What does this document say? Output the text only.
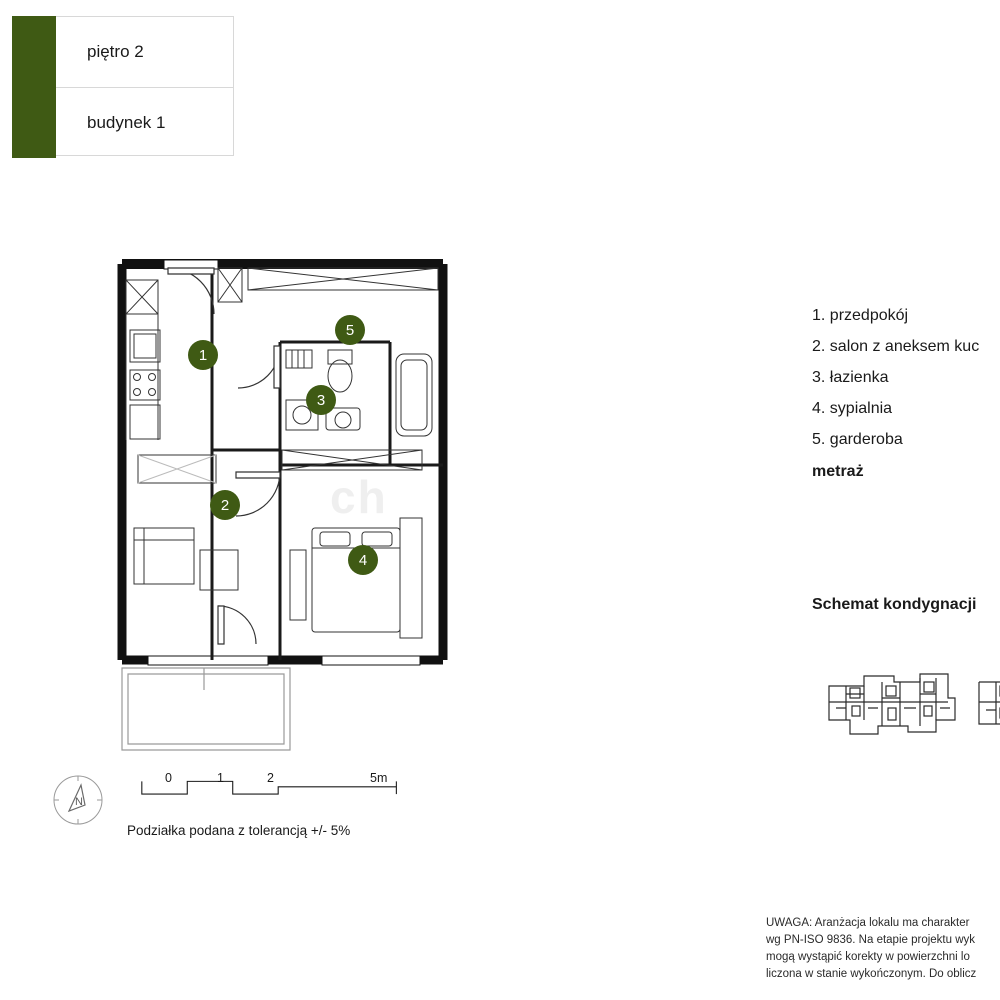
piętro 2
budynek 1
1. przedpokój
2. salon z aneksem kuc
3. łazienka
4. sypialnia
5. garderoba
metraż
Schemat kondygnacji
1
2
3
4
5
ch
N
0	1	2	5m
Podziałka podana z tolerancją +/- 5%
UWAGA: Aranżacja lokalu ma charakter
wg PN-ISO 9836. Na etapie projektu wyk
mogą wystąpić korekty w powierzchni lo
liczona w stanie wykończonym. Do oblicz
